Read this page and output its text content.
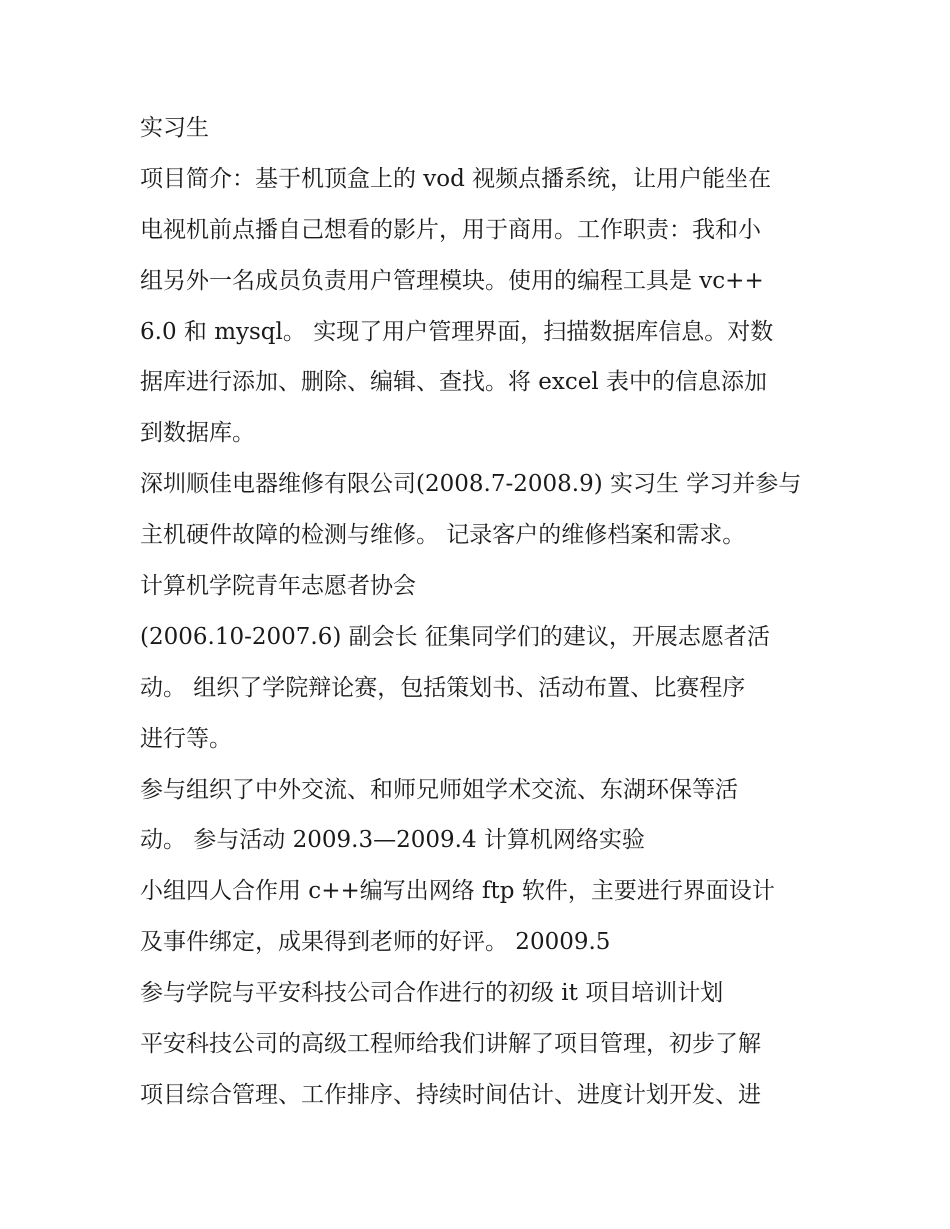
实习生

项目简介：基于机顶盒上的 vod 视频点播系统，让用户能坐在

电视机前点播自己想看的影片，用于商用。工作职责：我和小

组另外一名成员负责用户管理模块。使用的编程工具是 vc++

6.0 和 mysql。 实现了用户管理界面，扫描数据库信息。对数

据库进行添加、删除、编辑、查找。将 excel 表中的信息添加

到数据库。

深圳顺佳电器维修有限公司(2008.7-2008.9) 实习生 学习并参与

主机硬件故障的检测与维修。 记录客户的维修档案和需求。

计算机学院青年志愿者协会

(2006.10-2007.6) 副会长 征集同学们的建议，开展志愿者活

动。 组织了学院辩论赛，包括策划书、活动布置、比赛程序

进行等。

参与组织了中外交流、和师兄师姐学术交流、东湖环保等活

动。 参与活动 2009.3—2009.4 计算机网络实验

小组四人合作用 c++编写出网络 ftp 软件，主要进行界面设计

及事件绑定，成果得到老师的好评。 20009.5

参与学院与平安科技公司合作进行的初级 it 项目培训计划

平安科技公司的高级工程师给我们讲解了项目管理，初步了解

项目综合管理、工作排序、持续时间估计、进度计划开发、进
